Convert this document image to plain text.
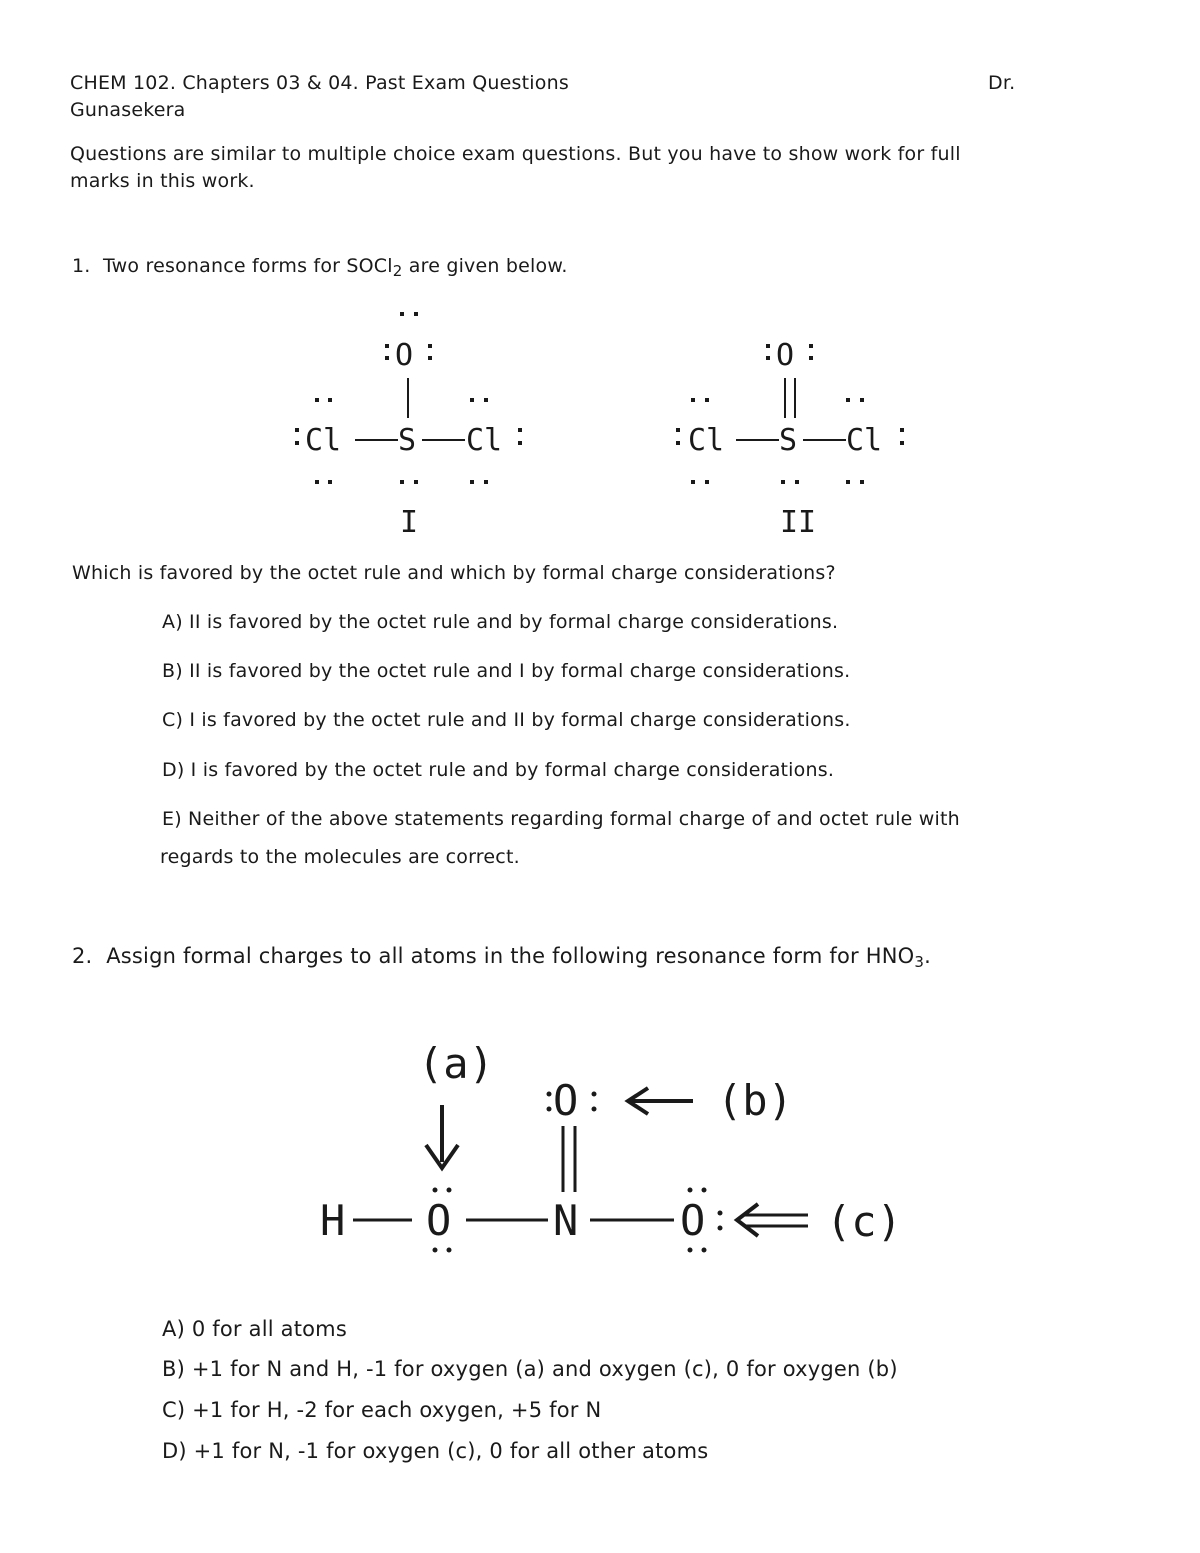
CHEM 102. Chapters 03 & 04. Past Exam Questions	Dr.
Gunasekera
Questions are similar to multiple choice exam questions. But you have to show work for full
marks in this work.
1. Two resonance forms for SOCl$_2$ are given below.
O
Cl S Cl
I
O
Cl S Cl
II
Which is favored by the octet rule and which by formal charge considerations?
A) II is favored by the octet rule and by formal charge considerations.
B) II is favored by the octet rule and I by formal charge considerations.
C) I is favored by the octet rule and II by formal charge considerations.
D) I is favored by the octet rule and by formal charge considerations.
E) Neither of the above statements regarding formal charge of and octet rule with
regards to the molecules are correct.
2. Assign formal charges to all atoms in the following resonance form for $HNO_3$.
(a)
O	(b)
H O N O	(c)
A) 0 for all atoms
B) +1 for N and H, -1 for oxygen (a) and oxygen (c), 0 for oxygen (b)
C) +1 for H, -2 for each oxygen, +5 for N
D) +1 for N, -1 for oxygen (c), 0 for all other atoms
